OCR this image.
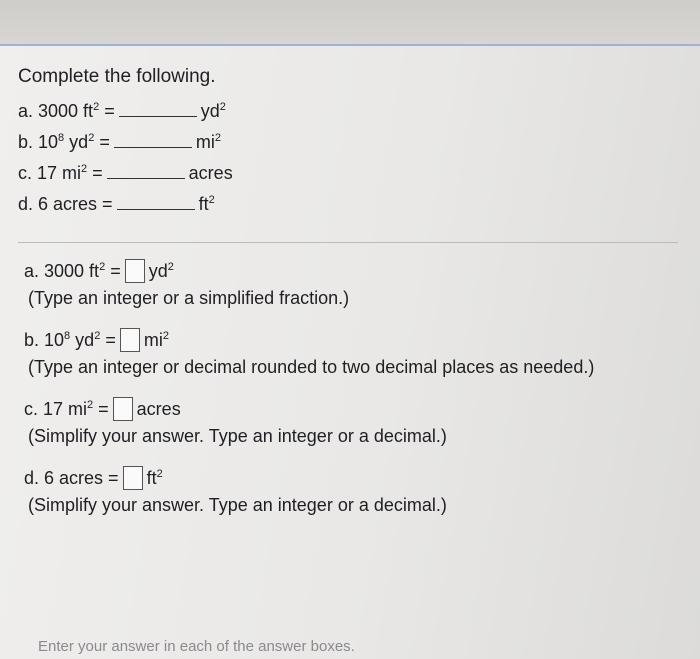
Complete the following.

a. 3000 $ft^2$ =	$yd^2$
b. $10^8$ $yd^2$ =	$mi^2$
c. 17 $mi^2$ =	acres
d. 6 acres =	$ft^2$
a. 3000 $ft^2 = yd^2$
(Type an integer or a simplified fraction.)
b. $10^8$ $yd^2 = mi^2$
(Type an integer or decimal rounded to two decimal places as needed.)
c. 17 $mi^2$ = acres
(Simplify your answer. Type an integer or a decimal.)
d. 6 acres = $ft^2$
(Simplify your answer. Type an integer or a decimal.)
Enter your answer in each of the answer boxes.
